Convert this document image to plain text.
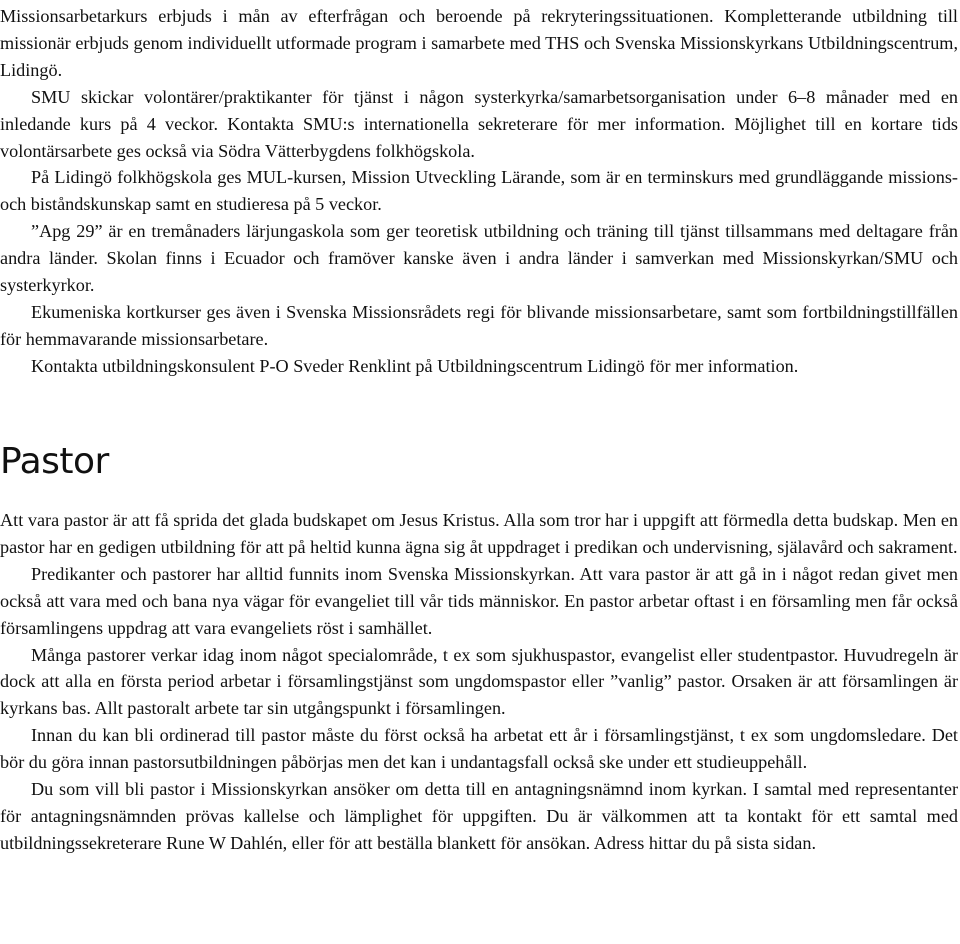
Missionsarbetarkurs erbjuds i mån av efterfrågan och beroende på rekryteringssituationen. Kompletterande utbildning till missionär erbjuds genom individuellt utformade program i samarbete med THS och Svenska Missionskyrkans Utbildningscentrum, Lidingö.

SMU skickar volontärer/praktikanter för tjänst i någon systerkyrka/samarbetsorganisation under 6–8 månader med en inledande kurs på 4 veckor. Kontakta SMU:s internationella sekreterare för mer information. Möjlighet till en kortare tids volontärsarbete ges också via Södra Vätterbygdens folkhögskola.

På Lidingö folkhögskola ges MUL-kursen, Mission Utveckling Lärande, som är en terminskurs med grundläggande missions- och biståndskunskap samt en studieresa på 5 veckor.

”Apg 29” är en tremånaders lärjungaskola som ger teoretisk utbildning och träning till tjänst tillsammans med deltagare från andra länder. Skolan finns i Ecuador och framöver kanske även i andra länder i samverkan med Missionskyrkan/SMU och systerkyrkor.

Ekumeniska kortkurser ges även i Svenska Missionsrådets regi för blivande missionsarbetare, samt som fortbildningstillfällen för hemmavarande missionsarbetare.

Kontakta utbildningskonsulent P-O Sveder Renklint på Utbildningscentrum Lidingö för mer information.

Pastor

Att vara pastor är att få sprida det glada budskapet om Jesus Kristus. Alla som tror har i uppgift att förmedla detta budskap. Men en pastor har en gedigen utbildning för att på heltid kunna ägna sig åt uppdraget i predikan och undervisning, själavård och sakrament.

Predikanter och pastorer har alltid funnits inom Svenska Missionskyrkan. Att vara pastor är att gå in i något redan givet men också att vara med och bana nya vägar för evangeliet till vår tids människor. En pastor arbetar oftast i en församling men får också församlingens uppdrag att vara evangeliets röst i samhället.

Många pastorer verkar idag inom något specialområde, t ex som sjukhuspastor, evangelist eller studentpastor. Huvudregeln är dock att alla en första period arbetar i församlingstjänst som ungdomspastor eller ”vanlig” pastor. Orsaken är att församlingen är kyrkans bas. Allt pastoralt arbete tar sin utgångspunkt i församlingen.

Innan du kan bli ordinerad till pastor måste du först också ha arbetat ett år i församlingstjänst, t ex som ungdomsledare. Det bör du göra innan pastorsutbildningen påbörjas men det kan i undantagsfall också ske under ett studieuppehåll.

Du som vill bli pastor i Missionskyrkan ansöker om detta till en antagningsnämnd inom kyrkan. I samtal med representanter för antagningsnämnden prövas kallelse och lämplighet för uppgiften. Du är välkommen att ta kontakt för ett samtal med utbildningssekreterare Rune W Dahlén, eller för att beställa blankett för ansökan. Adress hittar du på sista sidan.
